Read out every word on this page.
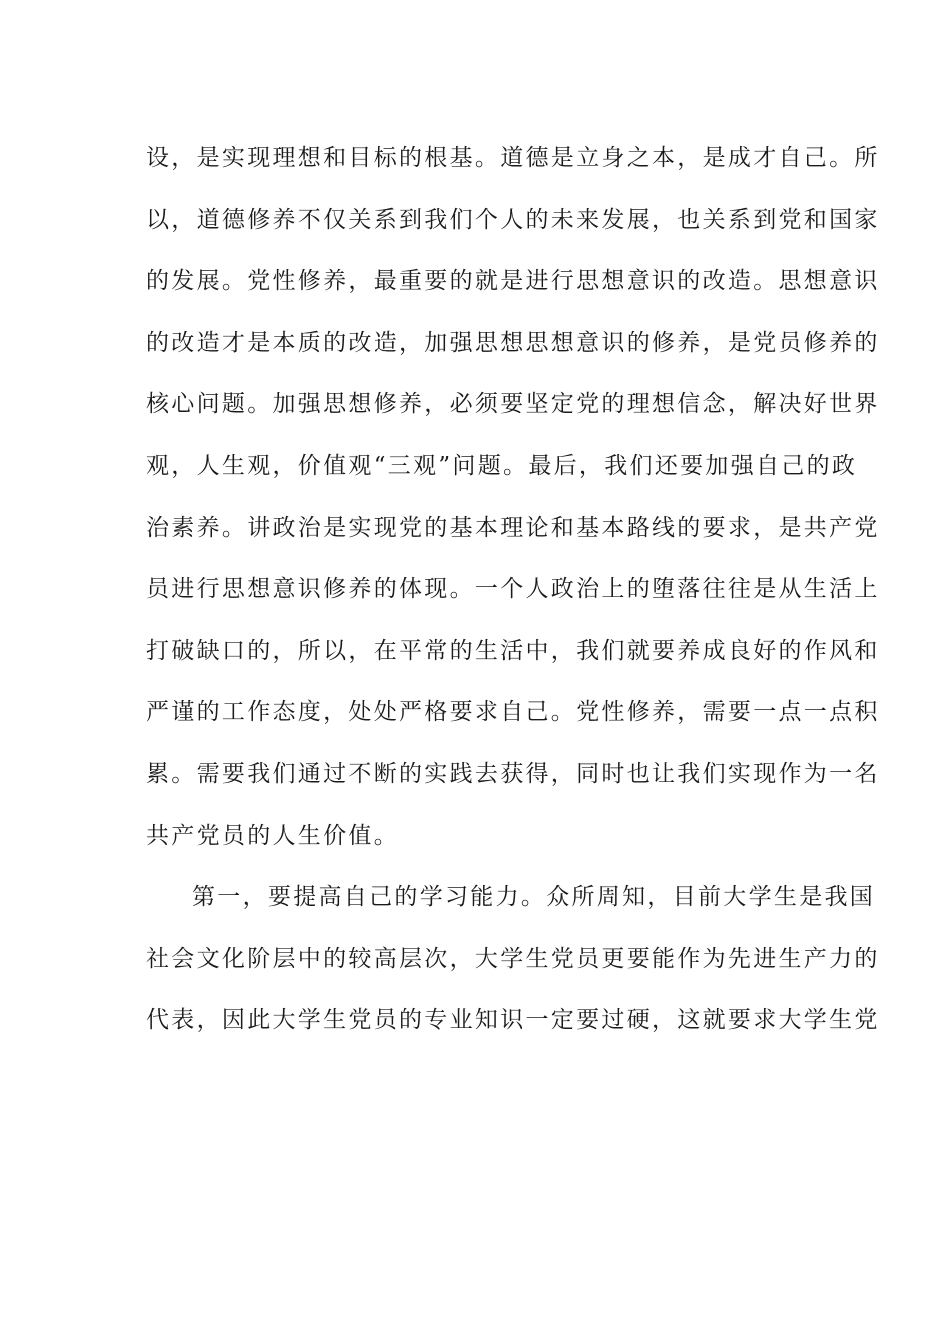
设，是实现理想和目标的根基。道德是立身之本，是成才自己。所
以，道德修养不仅关系到我们个人的未来发展，也关系到党和国家
的发展。党性修养，最重要的就是进行思想意识的改造。思想意识
的改造才是本质的改造，加强思想思想意识的修养，是党员修养的
核心问题。加强思想修养，必须要坚定党的理想信念，解决好世界
观，人生观，价值观“三观”问题。最后，我们还要加强自己的政
治素养。讲政治是实现党的基本理论和基本路线的要求，是共产党
员进行思想意识修养的体现。一个人政治上的堕落往往是从生活上
打破缺口的，所以，在平常的生活中，我们就要养成良好的作风和
严谨的工作态度，处处严格要求自己。党性修养，需要一点一点积
累。需要我们通过不断的实践去获得，同时也让我们实现作为一名
共产党员的人生价值。
第一，要提高自己的学习能力。众所周知，目前大学生是我国
社会文化阶层中的较高层次，大学生党员更要能作为先进生产力的
代表，因此大学生党员的专业知识一定要过硬，这就要求大学生党
